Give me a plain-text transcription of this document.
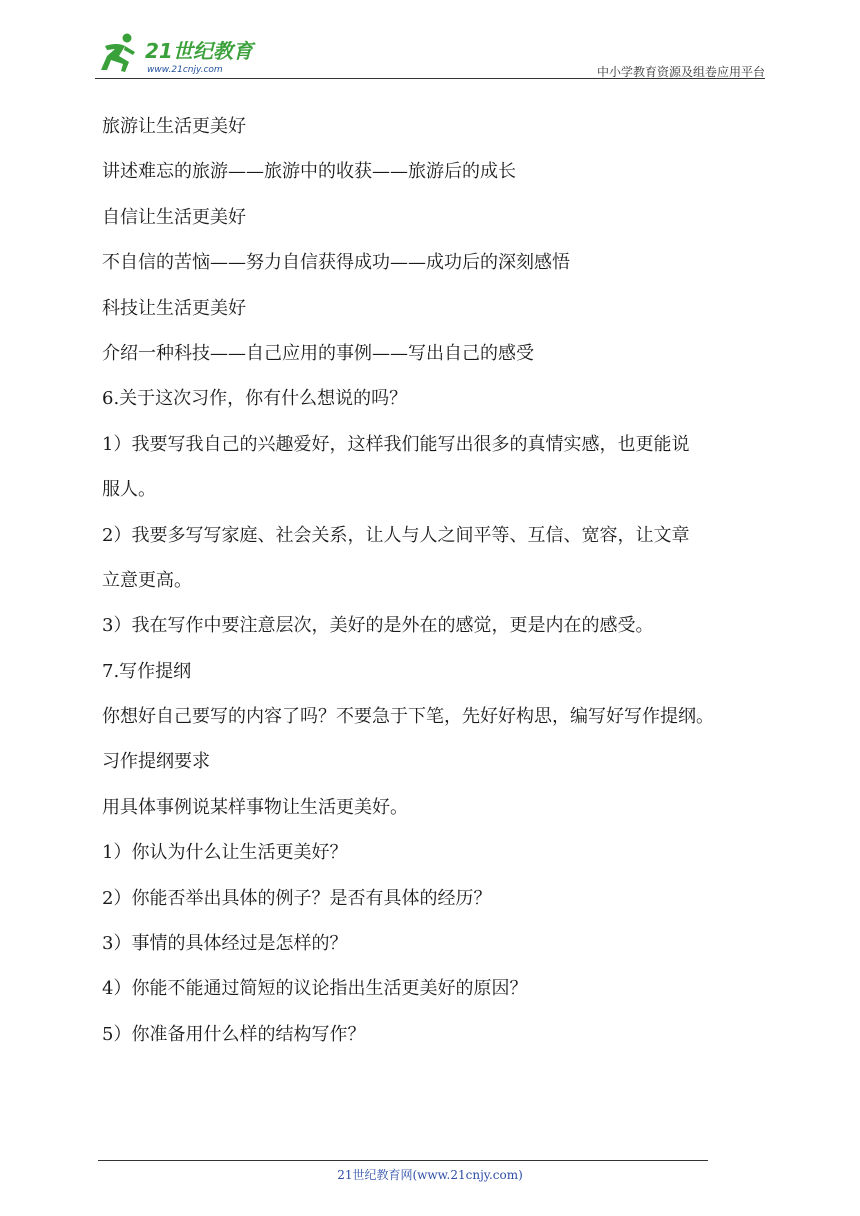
21世纪教育
www.21cnjy.com	中小学教育资源及组卷应用平台
旅游让生活更美好
讲述难忘的旅游——旅游中的收获——旅游后的成长
自信让生活更美好
不自信的苦恼——努力自信获得成功——成功后的深刻感悟
科技让生活更美好
介绍一种科技——自己应用的事例——写出自己的感受
6.关于这次习作，你有什么想说的吗？
1）我要写我自己的兴趣爱好，这样我们能写出很多的真情实感，也更能说
服人。
2）我要多写写家庭、社会关系，让人与人之间平等、互信、宽容，让文章
立意更高。
3）我在写作中要注意层次，美好的是外在的感觉，更是内在的感受。
7.写作提纲
你想好自己要写的内容了吗？不要急于下笔，先好好构思，编写好写作提纲。
习作提纲要求
用具体事例说某样事物让生活更美好。
1）你认为什么让生活更美好？
2）你能否举出具体的例子？是否有具体的经历？
3）事情的具体经过是怎样的？
4）你能不能通过简短的议论指出生活更美好的原因？
5）你准备用什么样的结构写作？
21世纪教育网(www.21cnjy.com)
